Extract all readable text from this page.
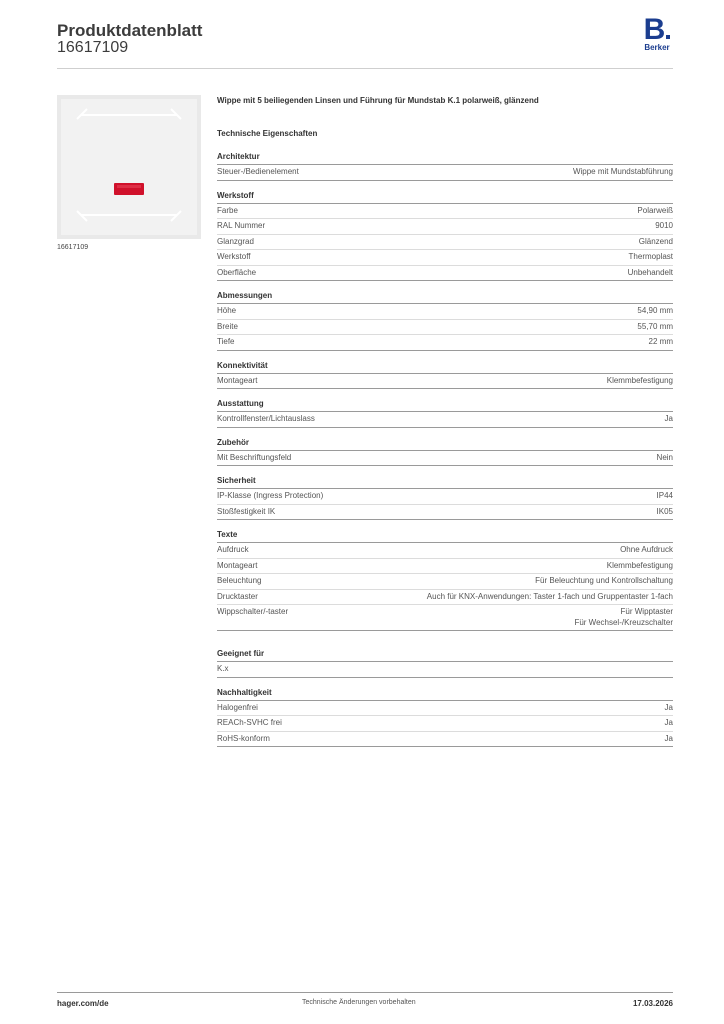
Produktdatenblatt
16617109
B
Berker
16617109
Wippe mit 5 beiliegenden Linsen und Führung für Mundstab K.1 polarweiß, glänzend
Technische Eigenschaften
Architektur
Steuer-/Bedienelement	Wippe mit Mundstabführung
Werkstoff
Farbe	Polarweiß
RAL Nummer	9010
Glanzgrad	Glänzend
Werkstoff	Thermoplast
Oberfläche	Unbehandelt
Abmessungen
Höhe	54,90 mm
Breite	55,70 mm
Tiefe	22 mm
Konnektivität
Montageart	Klemmbefestigung
Ausstattung
Kontrollfenster/Lichtauslass	Ja
Zubehör
Mit Beschriftungsfeld	Nein
Sicherheit
IP-Klasse (Ingress Protection)	IP44
Stoßfestigkeit IK	IK05
Texte
Aufdruck	Ohne Aufdruck
Montageart	Klemmbefestigung
Beleuchtung	Für Beleuchtung und Kontrollschaltung
Drucktaster	Auch für KNX-Anwendungen: Taster 1-fach und Gruppentaster 1-fach
Wippschalter/-taster	Für Wipptaster
Für Wechsel-/Kreuzschalter
Geeignet für
K.x
Nachhaltigkeit
Halogenfrei	Ja
REACh-SVHC frei	Ja
RoHS-konform	Ja
hager.com/de	Technische Änderungen vorbehalten	17.03.2026
